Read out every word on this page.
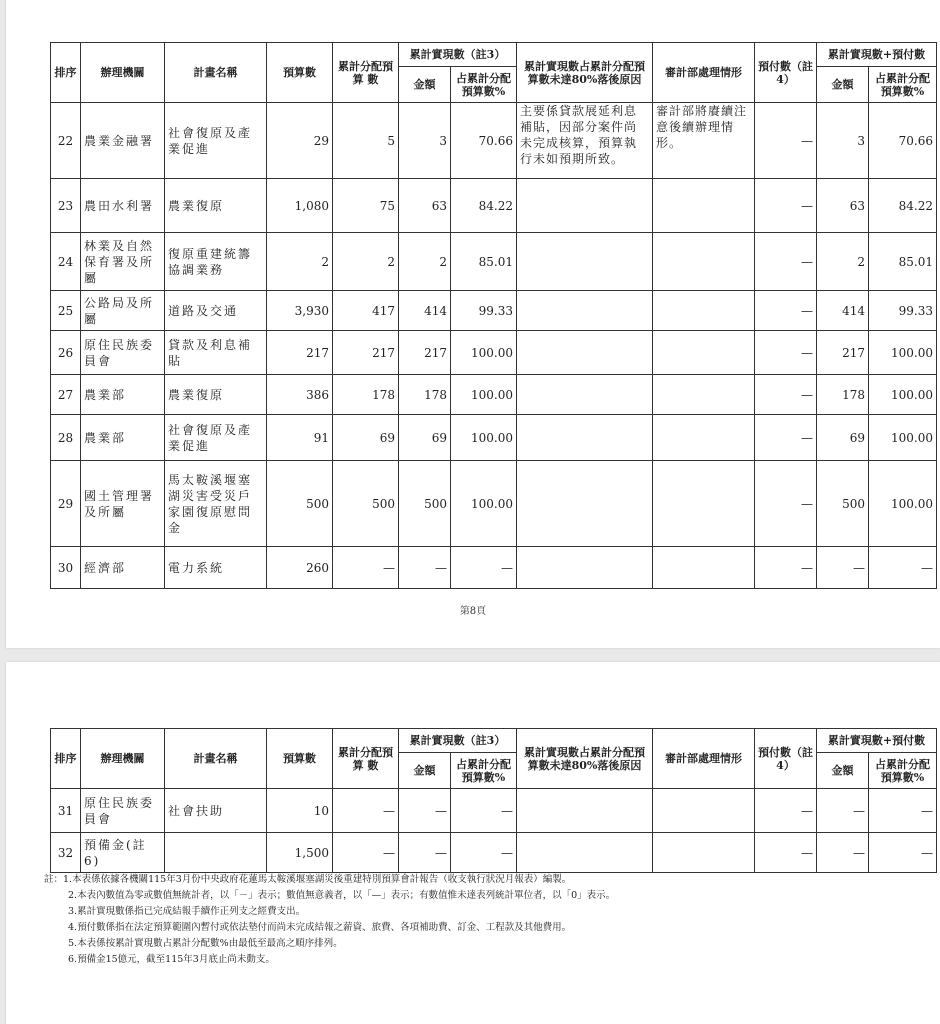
排序	辦理機關	計畫名稱	預算數	累計分配預 算 數	累計實現數（註3）		累計實現數占累計分配預算數未達80%落後原因	審計部處理情形	預付數（註4）	累計實現數+預付數	
					金額	占累計分配預算數%				金額	占累計分配預算數%
22	農業金融署	社會復原及產業促進	29	5	3	70.66	主要係貸款展延利息補貼，因部分案件尚未完成核算，預算執行未如預期所致。	審計部將賡續注意後續辦理情形。	—	3	70.66
23	農田水利署	農業復原	1,080	75	63	84.22			—	63	84.22
24	林業及自然保育署及所屬	復原重建統籌協調業務	2	2	2	85.01			—	2	85.01
25	公路局及所屬	道路及交通	3,930	417	414	99.33			—	414	99.33
26	原住民族委員會	貸款及利息補貼	217	217	217	100.00			—	217	100.00
27	農業部	農業復原	386	178	178	100.00			—	178	100.00
28	農業部	社會復原及產業促進	91	69	69	100.00			—	69	100.00
29	國土管理署及所屬	馬太鞍溪堰塞湖災害受災戶家園復原慰問金	500	500	500	100.00			—	500	100.00
30	經濟部	電力系統	260	—	—	—			—	—	—
第8頁
排序	辦理機關	計畫名稱	預算數	累計分配預 算 數	累計實現數（註3）		累計實現數占累計分配預算數未達80%落後原因	審計部處理情形	預付數（註4）	累計實現數+預付數	
					金額	占累計分配預算數%				金額	占累計分配預算數%
31	原住民族委員會	社會扶助	10	—	—	—			—	—	—
32	預備金(註6)		1,500	—	—	—			—	—	—
註：1.本表係依據各機關115年3月份中央政府花蓮馬太鞍溪堰塞湖災後重建特別預算會計報告（收支執行狀況月報表）編製。
2.本表內數值為零或數值無統計者，以「－」表示；數值無意義者，以「—」表示；有數值惟未達表列統計單位者，以「0」表示。
3.累計實現數係指已完成結報手續作正列支之經費支出。
4.預付數係指在法定預算範圍內暫付或依法墊付而尚未完成結報之薪資、旅費、各項補助費、訂金、工程款及其他費用。
5.本表係按累計實現數占累計分配數%由最低至最高之順序排列。
6.預備金15億元，截至115年3月底止尚未動支。
